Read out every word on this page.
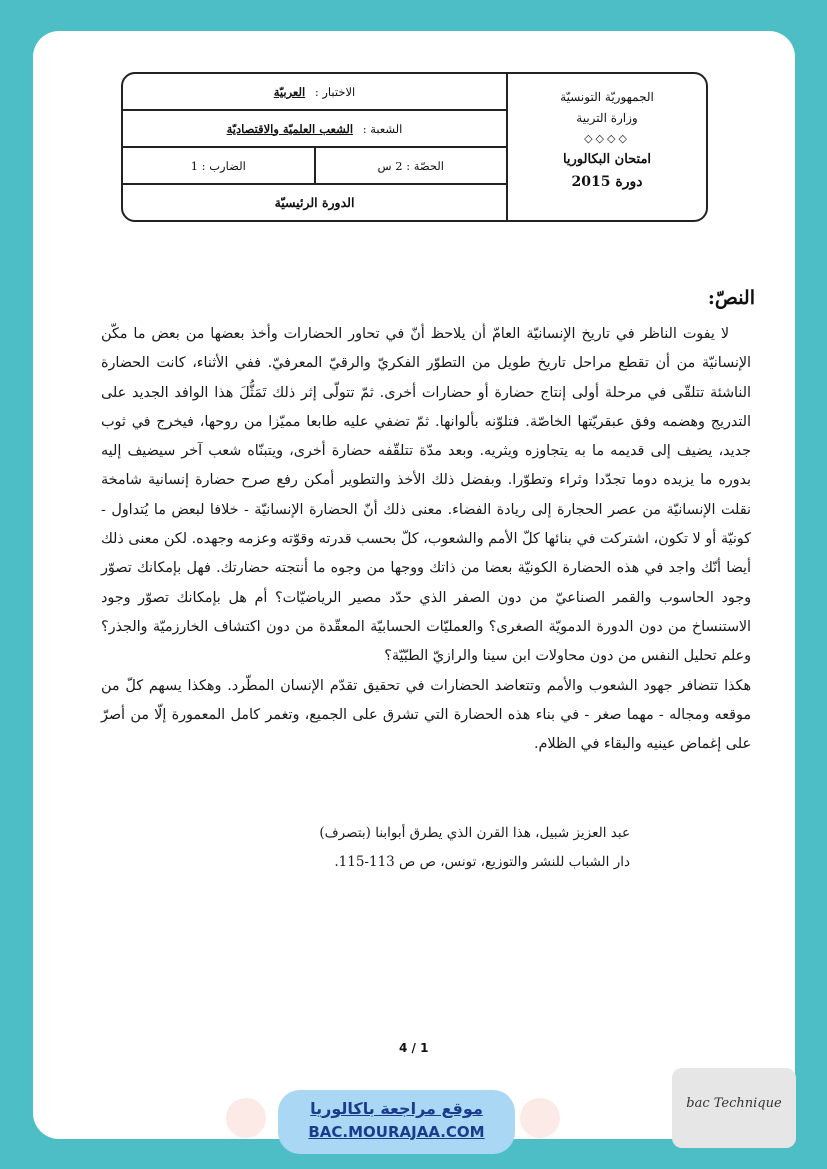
الجمهوريّة التونسيّة
وزارة التربية
◇◇◇◇
امتحان البكالوريا
دورة 2015
الاختبار : العربيّة
الشعبة : الشعب العلميّة والاقتصاديّة
الحصّة : 2 س
الضارب : 1
الدورة الرئيسيّة
النصّ:

لا يفوت الناظر في تاريخ الإنسانيّة العامّ أن يلاحظ أنّ في تحاور الحضارات وأخذ بعضها من بعض ما مكّن الإنسانيّة من أن تقطع مراحل تاريخ طويل من التطوّر الفكريّ والرقيّ المعرفيّ. ففي الأثناء، كانت الحضارة الناشئة تتلقّى في مرحلة أولى إنتاج حضارة أو حضارات أخرى. ثمّ تتولّى إثر ذلك تَمَثُّلَ هذا الوافد الجديد على التدريج وهضمه وفق عبقريّتها الخاصّة. فتلوّنه بألوانها. ثمّ تضفي عليه طابعا مميّزا من روحها، فيخرج في ثوب جديد، يضيف إلى قديمه ما به يتجاوزه ويثريه. وبعد مدّة تتلقّفه حضارة أخرى، ويتبنّاه شعب آخر سيضيف إليه بدوره ما يزيده دوما تجدّدا وثراء وتطوّرا. وبفضل ذلك الأخذ والتطوير أمكن رفع صرح حضارة إنسانية شامخة نقلت الإنسانيّة من عصر الحجارة إلى ريادة الفضاء. معنى ذلك أنّ الحضارة الإنسانيّة - خلافا لبعض ما يُتداول - كونيّة أو لا تكون، اشتركت في بنائها كلّ الأمم والشعوب، كلّ بحسب قدرته وقوّته وعزمه وجهده. لكن معنى ذلك أيضا أنّك واجد في هذه الحضارة الكونيّة بعضا من ذاتك ووجها من وجوه ما أنتجته حضارتك. فهل بإمكانك تصوّر وجود الحاسوب والقمر الصناعيّ من دون الصفر الذي حدّد مصير الرياضيّات؟ أم هل بإمكانك تصوّر وجود الاستنساخ من دون الدورة الدمويّة الصغرى؟ والعمليّات الحسابيّة المعقّدة من دون اكتشاف الخارزميّة والجذر؟ وعلم تحليل النفس من دون محاولات ابن سينا والرازيّ الطبّيّة؟

هكذا تتضافر جهود الشعوب والأمم وتتعاضد الحضارات في تحقيق تقدّم الإنسان المطّرد. وهكذا يسهم كلّ من موقعه ومجاله - مهما صغر - في بناء هذه الحضارة التي تشرق على الجميع، وتغمر كامل المعمورة إلّا من أصرّ على إغماض عينيه والبقاء في الظلام.

عبد العزيز شبيل، هذا القرن الذي يطرق أبوابنا (بتصرف)
دار الشباب للنشر والتوزيع، تونس، ص ص 113-115.
4 / 1
موقع مراجعة باكالوريا
BAC.MOURAJAA.COM
bac Technique
